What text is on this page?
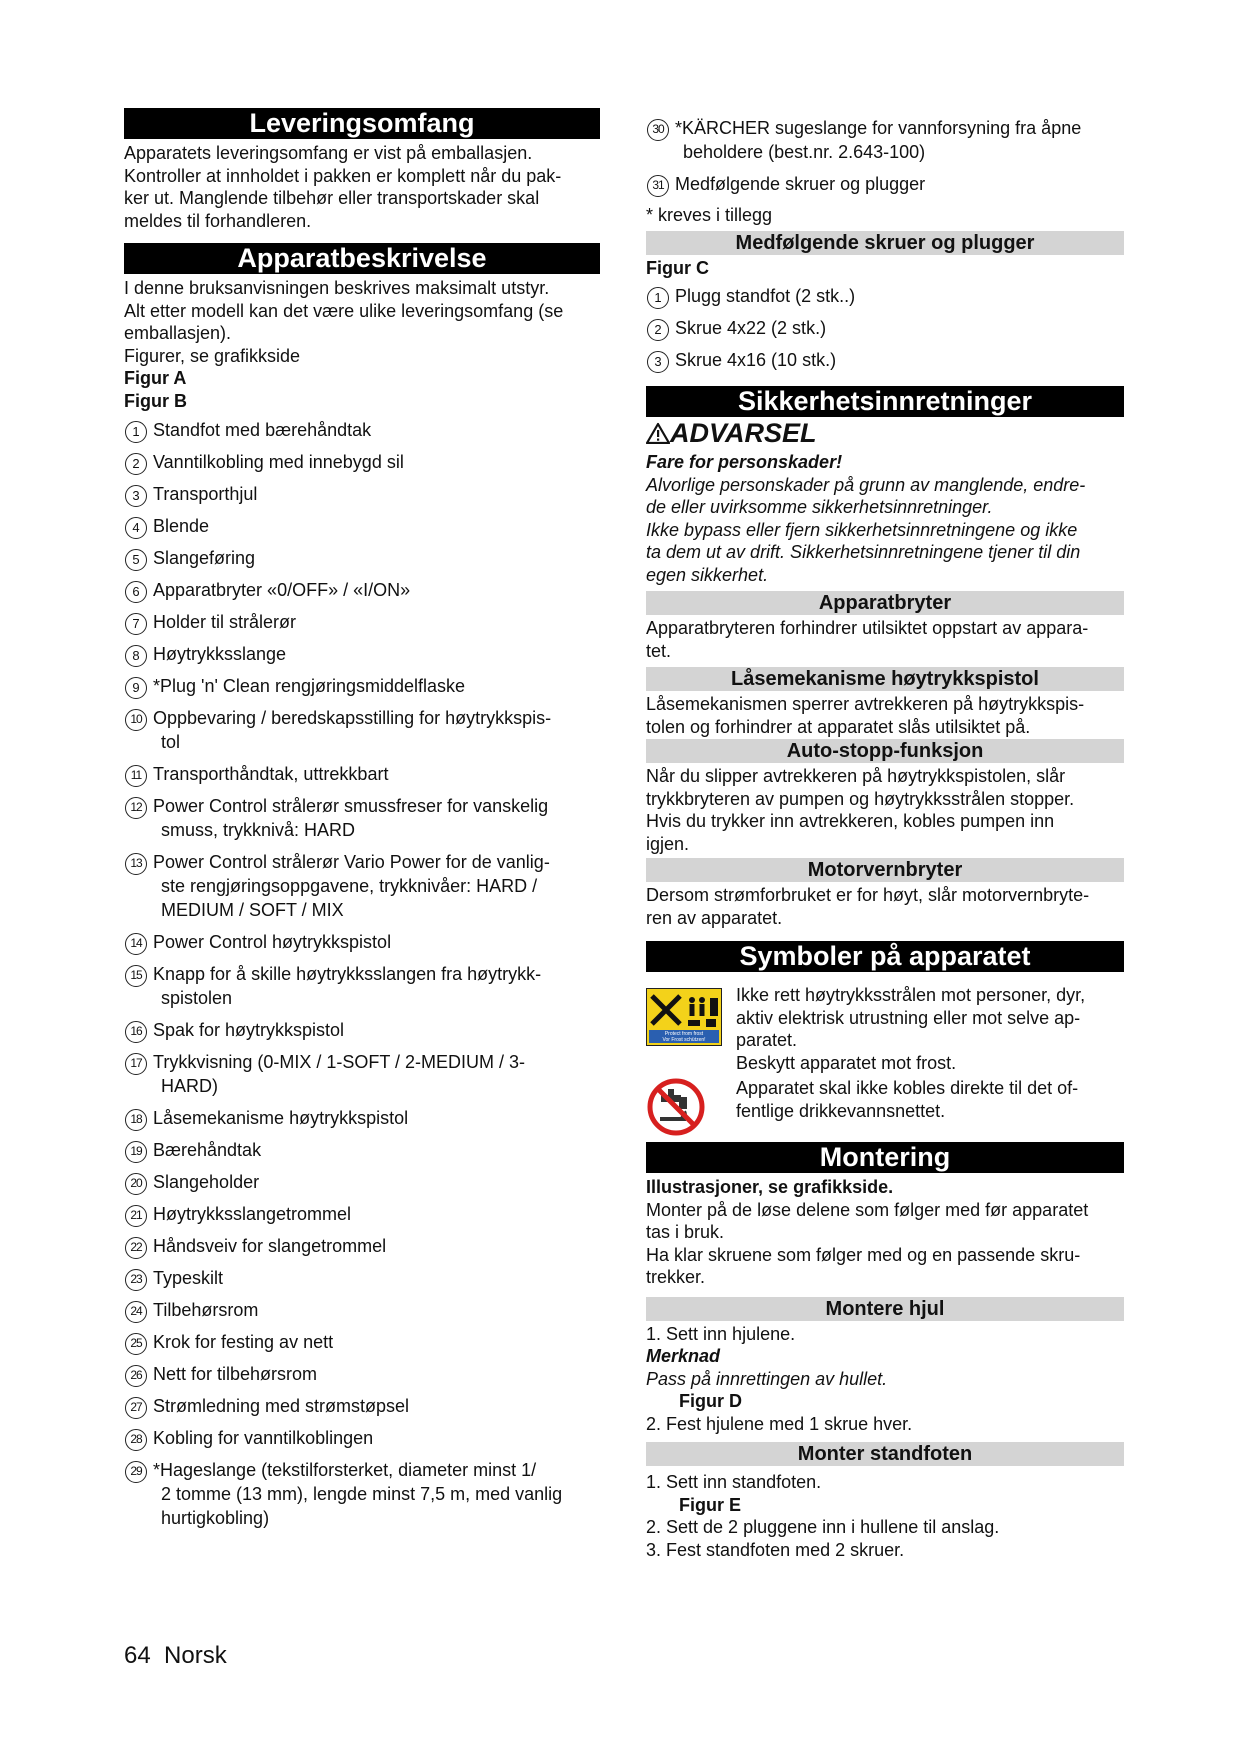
Leveringsomfang

Apparatets leveringsomfang er vist på emballasjen.

Kontroller at innholdet i pakken er komplett når du pak-

ker ut. Manglende tilbehør eller transportskader skal

meldes til forhandleren.

Apparatbeskrivelse

I denne bruksanvisningen beskrives maksimalt utstyr.

Alt etter modell kan det være ulike leveringsomfang (se

emballasjen).

Figurer, se grafikkside

Figur A

Figur B

1 Standfot med bærehåndtak
2 Vanntilkobling med innebygd sil
3 Transporthjul
4 Blende
5 Slangeføring
6 Apparatbryter «0/OFF» / «I/ON»
7 Holder til strålerør
8 Høytrykksslange
9 *Plug 'n' Clean rengjøringsmiddelflaske
10 Oppbevaring / beredskapsstilling for høytrykkspis-
tol
11 Transporthåndtak, uttrekkbart
12 Power Control strålerør smussfreser for vanskelig
smuss, trykknivå: HARD
13 Power Control strålerør Vario Power for de vanlig-
ste rengjøringsoppgavene, trykknivåer: HARD /
MEDIUM / SOFT / MIX
14 Power Control høytrykkspistol
15 Knapp for å skille høytrykksslangen fra høytrykk-
spistolen
16 Spak for høytrykkspistol
17 Trykkvisning (0-MIX / 1-SOFT / 2-MEDIUM / 3-
HARD)
18 Låsemekanisme høytrykkspistol
19 Bærehåndtak
20 Slangeholder
21 Høytrykksslangetrommel
22 Håndsveiv for slangetrommel
23 Typeskilt
24 Tilbehørsrom
25 Krok for festing av nett
26 Nett for tilbehørsrom
27 Strømledning med strømstøpsel
28 Kobling for vanntilkoblingen
29 *Hageslange (tekstilforsterket, diameter minst 1/
2 tomme (13 mm), lengde minst 7,5 m, med vanlig
hurtigkobling)
30 *KÄRCHER sugeslange for vannforsyning fra åpne
beholdere (best.nr. 2.643-100)
31 Medfølgende skruer og plugger

* kreves i tillegg

Medfølgende skruer og plugger

Figur C

1 Plugg standfot (2 stk..)
2 Skrue 4x22 (2 stk.)
3 Skrue 4x16 (10 stk.)
Sikkerhetsinnretninger
ADVARSEL

Fare for personskader!

Alvorlige personskader på grunn av manglende, endre-

de eller uvirksomme sikkerhetsinnretninger.

Ikke bypass eller fjern sikkerhetsinnretningene og ikke

ta dem ut av drift. Sikkerhetsinnretningene tjener til din

egen sikkerhet.

Apparatbryter

Apparatbryteren forhindrer utilsiktet oppstart av appara-

tet.

Låsemekanisme høytrykkspistol

Låsemekanismen sperrer avtrekkeren på høytrykkspis-

tolen og forhindrer at apparatet slås utilsiktet på.

Auto-stopp-funksjon

Når du slipper avtrekkeren på høytrykkspistolen, slår

trykkbryteren av pumpen og høytrykksstrålen stopper.

Hvis du trykker inn avtrekkeren, kobles pumpen inn

igjen.

Motorvernbryter

Dersom strømforbruket er for høyt, slår motorvernbryte-

ren av apparatet.

Symboler på apparatet
Protect from frost
Vor Frost schützen!

Ikke rett høytrykksstrålen mot personer, dyr,

aktiv elektrisk utrustning eller mot selve ap-

paratet.

Beskytt apparatet mot frost.

Apparatet skal ikke kobles direkte til det of-

fentlige drikkevannsnettet.

Montering

Illustrasjoner, se grafikkside.

Monter på de løse delene som følger med før apparatet

tas i bruk.

Ha klar skruene som følger med og en passende skru-

trekker.

Montere hjul

1. Sett inn hjulene.

Merknad

Pass på innrettingen av hullet.

Figur D

2. Fest hjulene med 1 skrue hver.

Monter standfoten

1. Sett inn standfoten.

Figur E

2. Sett de 2 pluggene inn i hullene til anslag.

3. Fest standfoten med 2 skruer.

64 Norsk
